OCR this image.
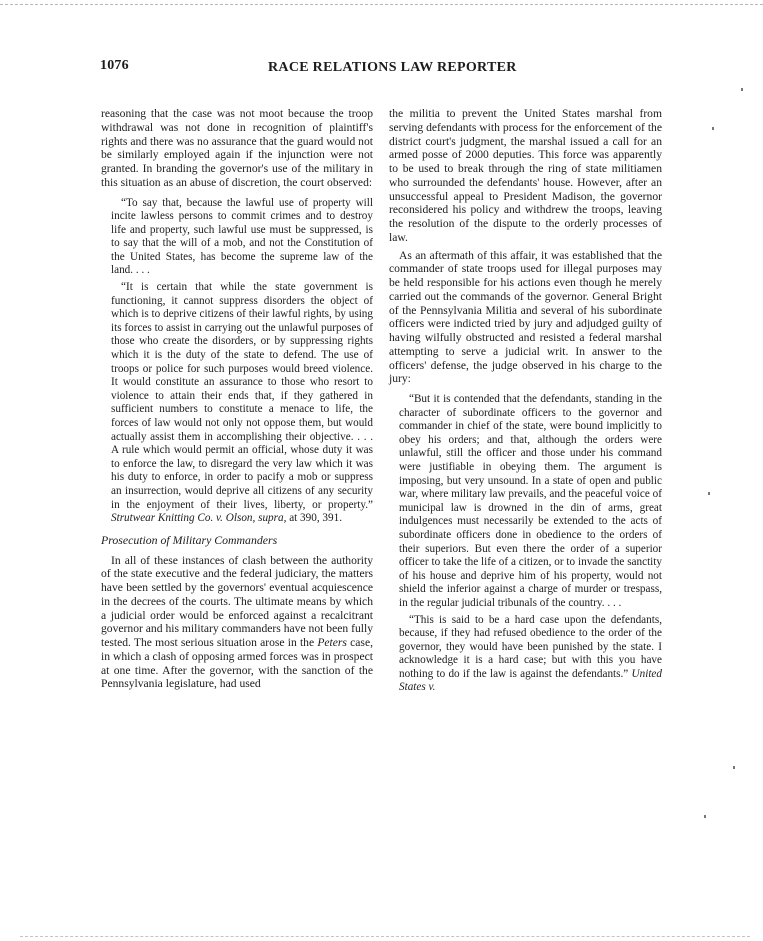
1076	RACE RELATIONS LAW REPORTER

reasoning that the case was not moot because the troop withdrawal was not done in recognition of plaintiff's rights and there was no assurance that the guard would not be similarly employed again if the injunction were not granted. In branding the governor's use of the military in this situation as an abuse of discretion, the court observed:

“To say that, because the lawful use of property will incite lawless persons to commit crimes and to destroy life and property, such lawful use must be suppressed, is to say that the will of a mob, and not the Constitution of the United States, has become the supreme law of the land. . . .

“It is certain that while the state government is functioning, it cannot suppress disorders the object of which is to deprive citizens of their lawful rights, by using its forces to assist in carrying out the unlawful purposes of those who create the disorders, or by suppressing rights which it is the duty of the state to defend. The use of troops or police for such purposes would breed violence. It would constitute an assurance to those who resort to violence to attain their ends that, if they gathered in sufficient numbers to constitute a menace to life, the forces of law would not only not oppose them, but would actually assist them in accomplishing their objective. . . . A rule which would permit an official, whose duty it was to enforce the law, to disregard the very law which it was his duty to enforce, in order to pacify a mob or suppress an insurrection, would deprive all citizens of any security in the enjoyment of their lives, liberty, or property.” Strutwear Knitting Co. v. Olson, supra, at 390, 391.

Prosecution of Military Commanders

In all of these instances of clash between the authority of the state executive and the federal judiciary, the matters have been settled by the governors' eventual acquiescence in the decrees of the courts. The ultimate means by which a judicial order would be enforced against a recalcitrant governor and his military commanders have not been fully tested. The most serious situation arose in the Peters case, in which a clash of opposing armed forces was in prospect at one time. After the governor, with the sanction of the Pennsylvania legislature, had used

the militia to prevent the United States marshal from serving defendants with process for the enforcement of the district court's judgment, the marshal issued a call for an armed posse of 2000 deputies. This force was apparently to be used to break through the ring of state militiamen who surrounded the defendants' house. However, after an unsuccessful appeal to President Madison, the governor reconsidered his policy and withdrew the troops, leaving the resolution of the dispute to the orderly processes of law.

As an aftermath of this affair, it was established that the commander of state troops used for illegal purposes may be held responsible for his actions even though he merely carried out the commands of the governor. General Bright of the Pennsylvania Militia and several of his subordinate officers were indicted tried by jury and adjudged guilty of having wilfully obstructed and resisted a federal marshal attempting to serve a judicial writ. In answer to the officers' defense, the judge observed in his charge to the jury:

“But it is contended that the defendants, standing in the character of subordinate officers to the governor and commander in chief of the state, were bound implicitly to obey his orders; and that, although the orders were unlawful, still the officer and those under his command were justifiable in obeying them. The argument is imposing, but very unsound. In a state of open and public war, where military law prevails, and the peaceful voice of municipal law is drowned in the din of arms, great indulgences must necessarily be extended to the acts of subordinate officers done in obedience to the orders of their superiors. But even there the order of a superior officer to take the life of a citizen, or to invade the sanctity of his house and deprive him of his property, would not shield the inferior against a charge of murder or trespass, in the regular judicial tribunals of the country. . . .

“This is said to be a hard case upon the defendants, because, if they had refused obedience to the order of the governor, they would have been punished by the state. I acknowledge it is a hard case; but with this you have nothing to do if the law is against the defendants.” United States v.
